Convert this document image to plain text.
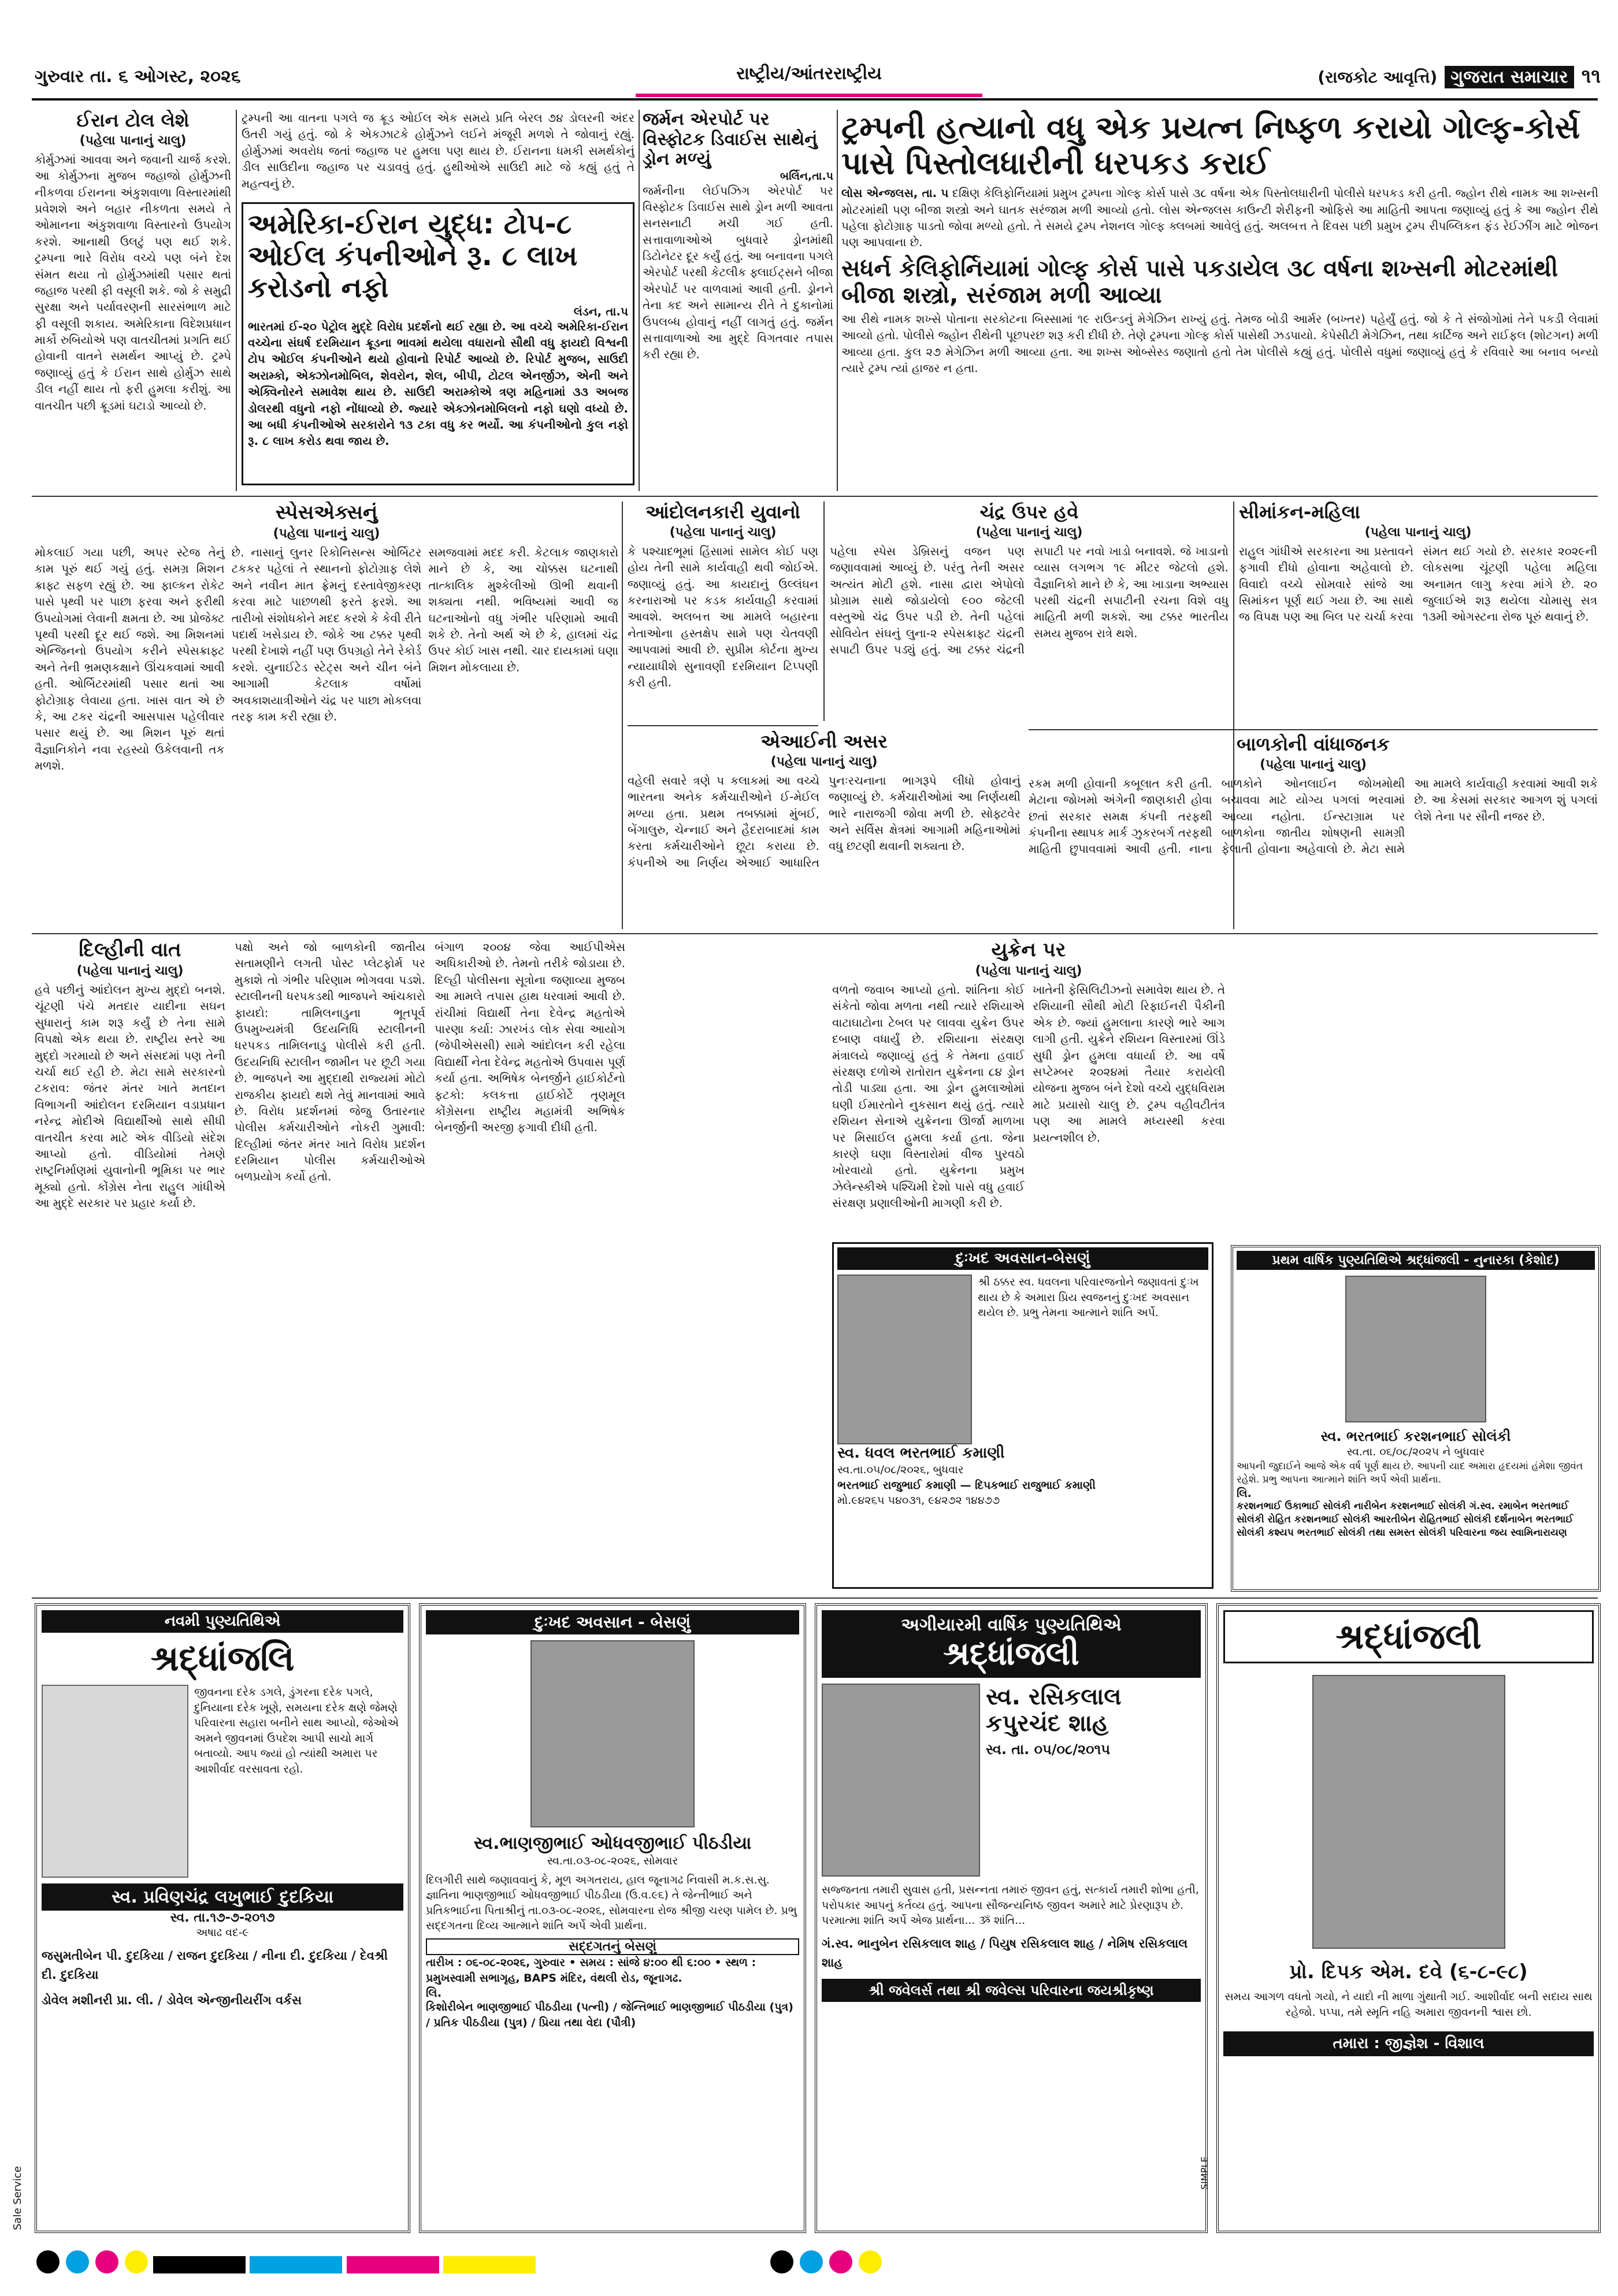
ગુરુવાર તા. ૬ ઓગસ્ટ, ૨૦૨૬	રાષ્ટ્રીય/આંતરરાષ્ટ્રીય	(રાજકોટ આવૃત્તિ) ગુજરાત સમાચાર ૧૧
ઈરાન ટોલ લેશે
(પહેલા પાનાનું ચાલુ)
કોર્મુઝમાં આવવા અને જવાની ચાર્જ કરશે. આ કોર્મુઝના મુજબ જહાજો હોર્મુઝની નીકળવા ઈરાનના અંકુશવાળા વિસ્તારમાંથી પ્રવેશશે અને બહાર નીકળતા સમયે તે ઓમાનના અંકુશવાળા વિસ્તારનો ઉપયોગ કરશે. આનાથી ઉલટું પણ થઈ શકે. ટ્રમ્પના ભારે વિરોધ વચ્ચે પણ બંને દેશ સંમત થયા તો હોર્મુઝમાંથી પસાર થતાં જહાજ પરથી ફી વસૂલી શકે. જો કે સમુદ્રી સુરક્ષા અને પર્યાવરણની સારસંભાળ માટે ફી વસૂલી શકાય. અમેરિકાના વિદેશપ્રધાન માર્કો રુબિયોએ પણ વાતચીતમાં પ્રગતિ થઈ હોવાની વાતને સમર્થન આપ્યું છે. ટ્રમ્પે જણાવ્યું હતું કે ઈરાન સાથે હોર્મુઝ સાથે ડીલ નહીં થાય તો ફરી હુમલા કરીશું. આ વાતચીત પછી ક્રૂડમાં ઘટાડો આવ્યો છે.
ટ્રમ્પની આ વાતના પગલે જ ક્રૂડ ઓઈલ એક સમયે પ્રતિ બેરલ ૭૪ ડોલરની અંદર ઉતરી ગયું હતું. જો કે એકઝાટકે હોર્મુઝને લઈને મંજૂરી મળશે તે જોવાનું રહ્યું. હોર્મુઝમાં અવરોધ જતાં જહાજ પર હુમલા પણ થાય છે. ઈરાનના ધમકી સમર્થકોનું ડીલ સાઉદીના જહાજ પર ચડાવવું હતું. હુથીઓએ સાઉદી માટે જે કહ્યું હતું તે મહત્વનું છે.
અમેરિકા-ઈરાન યુદ્ધ: ટોપ-૮ ઓઈલ કંપનીઓને રૂ. ૮ લાખ કરોડનો નફો
લંડન, તા.પ
ભારતમાં ઈ-૨૦ પેટ્રોલ મુદ્દે વિરોધ પ્રદર્શનો થઈ રહ્યા છે. આ વચ્ચે અમેરિકા-ઈરાન વચ્ચેના સંઘર્ષ દરમિયાન ક્રૂડના ભાવમાં થયેલા વધારાનો સૌથી વધુ ફાયદો વિશ્વની ટોપ ઓઈલ કંપનીઓને થયો હોવાનો રિપોર્ટ આવ્યો છે. રિપોર્ટ મુજબ, સાઉદી અરામ્કો, એક્ઝોનમોબિલ, શેવરોન, શેલ, બીપી, ટોટલ એનર્જીઝ, એની અને એક્વિનોરને સમાવેશ થાય છે. સાઉદી અરામ્કોએ ત્રણ મહિનામાં ૩૩ અબજ ડોલરથી વધુનો નફો નોંધાવ્યો છે. જ્યારે એક્ઝોનમોબિલનો નફો ઘણો વધ્યો છે. આ બધી કંપનીઓએ સરકારોને ૧૩ ટકા વધુ કર ભર્યો. આ કંપનીઓનો કુલ નફો રૂ. ૮ લાખ કરોડ થવા જાય છે.
જર્મન એરપોર્ટ પર વિસ્ફોટક ડિવાઈસ સાથેનું ડ્રોન મળ્યું
બર્લિન,તા.પ
જર્મનીના લેઈપઝિગ એરપોર્ટ પર વિસ્ફોટક ડિવાઈસ સાથે ડ્રોન મળી આવતા સનસનાટી મચી ગઈ હતી. સત્તાવાળાઓએ બુધવારે ડ્રોનમાંથી ડિટોનેટર દૂર કર્યું હતું. આ બનાવના પગલે એરપોર્ટ પરથી કેટલીક ફ્લાઈટ્સને બીજા એરપોર્ટ પર વાળવામાં આવી હતી. ડ્રોનને તેના કદ અને સામાન્ય રીતે તે દુકાનોમાં ઉપલબ્ધ હોવાનું નહીં લાગતું હતું. જર્મન સત્તાવાળાઓ આ મુદ્દે વિગતવાર તપાસ કરી રહ્યા છે.
ટ્રમ્પની હત્યાનો વધુ એક પ્રયત્ન નિષ્ફળ કરાયો ગોલ્ફ-કોર્સ પાસે પિસ્તોલધારીની ધરપકડ કરાઈ
લોસ એન્જલસ, તા. પ દક્ષિણ કેલિફોર્નિયામાં પ્રમુખ ટ્રમ્પના ગોલ્ફ કોર્સ પાસે ૩૮ વર્ષના એક પિસ્તોલધારીની પોલીસે ધરપકડ કરી હતી. જ્હોન રીથે નામક આ શખ્સની મોટરમાંથી પણ બીજા શસ્ત્રો અને ઘાતક સરંજામ મળી આવ્યો હતો. લોસ એન્જલસ કાઉન્ટી શેરીફની ઓફિસે આ માહિતી આપતા જણાવ્યું હતું કે આ જ્હોન રીથે પહેલા ફોટોગ્રાફ પાડતો જોવા મળ્યો હતો. તે સમયે ટ્રમ્પ નેશનલ ગોલ્ફ ક્લબમાં આવેલું હતું. અલબત્ત તે દિવસ પછી પ્રમુખ ટ્રમ્પ રીપબ્લિકન ફંડ રેઈઝીંગ માટે ભોજન પણ આપવાના છે.
સધર્ન કેલિફોર્નિયામાં ગોલ્ફ કોર્સ પાસે પકડાયેલ ૩૮ વર્ષના શખ્સની મોટરમાંથી બીજા શસ્ત્રો, સરંજામ મળી આવ્યા
આ રીથે નામક શખ્સે પોતાના સરકોટના બિસ્સામાં ૧૯ રાઉન્ડનું મેગેઝિન રાખ્યું હતું. તેમજ બોડી આર્મર (બખ્તર) પહેર્યું હતું. જો કે તે સંજોગોમાં તેને પકડી લેવામાં આવ્યો હતો. પોલીસે જ્હોન રીથેની પૂછપરછ શરૂ કરી દીધી છે. તેણે ટ્રમ્પના ગોલ્ફ કોર્સ પાસેથી ઝડપાયો. કેપેસીટી મેગેઝિન, તથા કાર્ટિજ અને રાઈફલ (શોટગન) મળી આવ્યા હતા. કુલ ૨૭ મેગેઝિન મળી આવ્યા હતા. આ શખ્સ ઓબ્સેસ્ડ જણાતો હતો તેમ પોલીસે કહ્યું હતું. પોલીસે વધુમાં જણાવ્યું હતું કે રવિવારે આ બનાવ બન્યો ત્યારે ટ્રમ્પ ત્યાં હાજર ન હતા.
સ્પેસએક્સનું
(પહેલા પાનાનું ચાલુ)
મોકલાઈ ગયા પછી, અપર સ્ટેજ તેનું કામ પૂરું થઈ ગયું હતું. સમગ્ર મિશન ક્રાફ્ટ સફળ રહ્યું છે. આ ફાલ્કન રોકેટ પાસે પૃથ્વી પર પાછા ફરવા અને ફરીથી ઉપયોગમાં લેવાની ક્ષમતા છે. આ પ્રોજેક્ટ પૃથ્વી પરથી દૂર થઈ જશે. આ મિશનમાં એન્જિનનો ઉપયોગ કરીને સ્પેસક્રાફ્ટ અને તેની ભ્રમણકક્ષાને ઊંચકવામાં આવી હતી. ઓર્બિટરમાંથી પસાર થતાં આ ફોટોગ્રાફ લેવાયા હતા. ખાસ વાત એ છે કે, આ ટકર ચંદ્રની આસપાસ પહેલીવાર પસાર થયું છે. આ મિશન પૂરું થતાં વૈજ્ઞાનિકોને નવા રહસ્યો ઉકેલવાની તક મળશે.
છે. નાસાનું લુનર રિકોનિસન્સ ઓર્બિટર ટકકર પહેલાં તે સ્થાનનો ફોટોગ્રાફ લેશે અને નવીન માત ફ્રેમનું દસ્તાવેજીકરણ કરવા માટે પાછળથી ફરતે ફરશે. આ તારીખો સંશોધકોને મદદ કરશે કે કેવી રીતે પદાર્થ ખસેડાય છે. જોકે આ ટક્કર પૃથ્વી પરથી દેખાશે નહીં પણ ઉપગ્રહો તેને રેકોર્ડ કરશે. યુનાઈટેડ સ્ટેટ્સ અને ચીન બંને આગામી કેટલાક વર્ષોમાં અવકાશયાત્રીઓને ચંદ્ર પર પાછા મોકલવા તરફ કામ કરી રહ્યા છે.
સમજવામાં મદદ કરી. કેટલાક જાણકારો માને છે કે, આ ચોક્કસ ઘટનાથી તાત્કાલિક મુશ્કેલીઓ ઊભી થવાની શક્યતા નથી. ભવિષ્યમાં આવી જ ઘટનાઓનો વધુ ગંભીર પરિણામો આવી શકે છે. તેનો અર્થ એ છે કે, હાલમાં ચંદ્ર ઉપર કોઈ ખાસ નથી. ચાર દાયકામાં ઘણા મિશન મોકલાયા છે.
આંદોલનકારી યુવાનો
(પહેલા પાનાનું ચાલુ)
કે પશ્ચાદભૂમાં હિંસામાં સામેલ કોઈ પણ હોય તેની સામે કાર્યવાહી થવી જોઈએ. જણાવ્યું હતું. આ કાયદાનું ઉલ્લંઘન કરનારાઓ પર કડક કાર્યવાહી કરવામાં આવશે. અલબત્ત આ મામલે બહારના નેતાઓના હસ્તક્ષેપ સામે પણ ચેતવણી આપવામાં આવી છે. સુપ્રીમ કોર્ટના મુખ્ય ન્યાયાધીશે સુનાવણી દરમિયાન ટિપ્પણી કરી હતી.
એઆઈની અસર
(પહેલા પાનાનું ચાલુ)
વહેલી સવારે ત્રણે પ કલાકમાં આ વચ્ચે ભારતના અનેક કર્મચારીઓને ઈ-મેઈલ મળ્યા હતા. પ્રથમ તબક્કામાં મુંબઈ, બેંગાલુરુ, ચેન્નાઈ અને હૈદરાબાદમાં કામ કરતા કર્મચારીઓને છૂટા કરાયા છે. કંપનીએ આ નિર્ણય એઆઈ આધારિત પુનઃરચનાના ભાગરૂપે લીધો હોવાનું જણાવ્યું છે. કર્મચારીઓમાં આ નિર્ણયથી ભારે નારાજગી જોવા મળી છે. સોફ્ટવેર અને સર્વિસ ક્ષેત્રમાં આગામી મહિનાઓમાં વધુ છટણી થવાની શક્યતા છે.
ચંદ્ર ઉપર હવે
(પહેલા પાનાનું ચાલુ)
પહેલા સ્પેસ ડેબ્રિસનું વજન પણ જણાવવામાં આવ્યું છે. પરંતુ તેની અસર અત્યંત મોટી હશે. નાસા દ્વારા એપોલો પ્રોગ્રામ સાથે જોડાયેલો ૯૦૦ જેટલી વસ્તુઓ ચંદ્ર ઉપર પડી છે. તેની પહેલાં સોવિયેત સંઘનું લુના-૨ સ્પેસક્રાફ્ટ ચંદ્રની સપાટી ઉપર પડ્યું હતું. આ ટક્કર ચંદ્રની સપાટી પર નવો ખાડો બનાવશે. જે ખાડાનો વ્યાસ લગભગ ૧૯ મીટર જેટલો હશે. વૈજ્ઞાનિકો માને છે કે, આ ખાડાના અભ્યાસ પરથી ચંદ્રની સપાટીની રચના વિશે વધુ માહિતી મળી શકશે. આ ટક્કર ભારતીય સમય મુજબ રાત્રે થશે.
સીમાંકન-મહિલા
(પહેલા પાનાનું ચાલુ)
રાહુલ ગાંધીએ સરકારના આ પ્રસ્તાવને ફગાવી દીધો હોવાના અહેવાલો છે. વિવાદો વચ્ચે સોમવારે સાંજે આ સિમાંકન પૂર્ણ થઈ ગયા છે. આ સાથે જ વિપક્ષ પણ આ બિલ પર ચર્ચા કરવા સંમત થઈ ગયો છે. સરકાર ૨૦૨૯ની લોકસભા ચૂંટણી પહેલા મહિલા અનામત લાગુ કરવા માંગે છે. ૨૦ જુલાઈએ શરૂ થયેલા ચોમાસુ સત્ર ૧૩મી ઓગસ્ટના રોજ પૂરું થવાનું છે.
બાળકોની વાંધાજનક
(પહેલા પાનાનું ચાલુ)
રકમ મળી હોવાની કબૂલાત કરી હતી. મેટાના જોખમો અંગેની જાણકારી હોવા છતાં સરકાર સમક્ષ કંપની તરફથી કંપનીના સ્થાપક માર્ક ઝુકરબર્ગ તરફથી માહિતી છુપાવવામાં આવી હતી. નાના બાળકોને ઓનલાઈન જોખમોથી બચાવવા માટે યોગ્ય પગલાં ભરવામાં આવ્યા નહોતા. ઈન્સ્ટાગ્રામ પર બાળકોના જાતીય શોષણની સામગ્રી ફેલાતી હોવાના અહેવાલો છે. મેટા સામે આ મામલે કાર્યવાહી કરવામાં આવી શકે છે. આ કેસમાં સરકાર આગળ શું પગલાં લેશે તેના પર સૌની નજર છે.
દિલ્હીની વાત
(પહેલા પાનાનું ચાલુ)
હવે પછીનું આંદોલન મુખ્ય મુદ્દો બનશે. ચૂંટણી પંચે મતદાર યાદીના સઘન સુધારાનું કામ શરૂ કર્યું છે તેના સામે વિપક્ષો એક થયા છે. રાષ્ટ્રીય સ્તરે આ મુદ્દો ગરમાયો છે અને સંસદમાં પણ તેની ચર્ચા થઈ રહી છે. મેટા સામે સરકારનો ટકરાવ: જંતર મંતર ખાતે મતદાન વિભાગની આંદોલન દરમિયાન વડાપ્રધાન નરેન્દ્ર મોદીએ વિદ્યાર્થીઓ સાથે સીધી વાતચીત કરવા માટે એક વીડિયો સંદેશ આપ્યો હતો. વીડિયોમાં તેમણે રાષ્ટ્રનિર્માણમાં યુવાનોની ભૂમિકા પર ભાર મૂક્યો હતો. કોંગ્રેસ નેતા રાહુલ ગાંધીએ આ મુદ્દે સરકાર પર પ્રહાર કર્યા છે.
પક્ષો અને જો બાળકોની જાતીય સતામણીને લગતી પોસ્ટ પ્લેટફોર્મ પર મુકાશે તો ગંભીર પરિણામ ભોગવવા પડશે. સ્ટાલીનની ધરપકડથી ભાજપને આંચકારો ફાયદો: તામિલનાડુના ભૂતપૂર્વ ઉપમુખ્યમંત્રી ઉદયનિધિ સ્ટાલીનની ધરપકડ તામિલનાડુ પોલીસે કરી હતી. ઉદયનિધિ સ્ટાલીન જામીન પર છૂટી ગયા છે. ભાજપને આ મુદ્દાથી રાજ્યમાં મોટો રાજકીય ફાયદો થશે તેવું માનવામાં આવે છે. વિરોધ પ્રદર્શનમાં જેજુ ઉતારનાર પોલીસ કર્મચારીઓને નોકરી ગુમાવી: દિલ્હીમાં જંતર મંતર ખાતે વિરોધ પ્રદર્શન દરમિયાન પોલીસ કર્મચારીઓએ બળપ્રયોગ કર્યો હતો.
બંગાળ ૨૦૦૪ જેવા આઈપીએસ અધિકારીઓ છે. તેમનો તરીકે જોડાયા છે. દિલ્હી પોલીસના સૂત્રોના જણાવ્યા મુજબ આ મામલે તપાસ હાથ ધરવામાં આવી છે. રાંચીમાં વિદ્યાર્થી તેના દેવેન્દ્ર મહતોએ પારણા કર્યા: ઝારખંડ લોક સેવા આયોગ (જેપીએસસી) સામે આંદોલન કરી રહેલા વિદ્યાર્થી નેતા દેવેન્દ્ર મહતોએ ઉપવાસ પૂર્ણ કર્યા હતા. અભિષેક બેનર્જીને હાઈકોર્ટનો ફટકો: કલકત્તા હાઈકોર્ટે તૃણમૂલ કોંગ્રેસના રાષ્ટ્રીય મહામંત્રી અભિષેક બેનર્જીની અરજી ફગાવી દીધી હતી.
યુક્રેન પર
(પહેલા પાનાનું ચાલુ)
વળતો જવાબ આપ્યો હતો. શાંતિના કોઈ સંકેતો જોવા મળતા નથી ત્યારે રશિયાએ વાટાઘાટોના ટેબલ પર લાવવા યુક્રેન ઉપર દબાણ વધાર્યું છે. રશિયાના સંરક્ષણ મંત્રાલયે જણાવ્યું હતું કે તેમના હવાઈ સંરક્ષણ દળોએ રાતોરાત યુક્રેનના ૮૪ ડ્રોન તોડી પાડ્યા હતા. આ ડ્રોન હુમલાઓમાં ઘણી ઈમારતોને નુકસાન થયું હતું. ત્યારે રશિયન સેનાએ યુક્રેનના ઊર્જા માળખા પર મિસાઈલ હુમલા કર્યા હતા. જેના કારણે ઘણા વિસ્તારોમાં વીજ પુરવઠો ખોરવાયો હતો. યુક્રેનના પ્રમુખ ઝેલેન્સ્કીએ પશ્ચિમી દેશો પાસે વધુ હવાઈ સંરક્ષણ પ્રણાલીઓની માગણી કરી છે.
ખાતેની ફેસિલિટીઝનો સમાવેશ થાય છે. તે રશિયાની સૌથી મોટી રિફાઈનરી પૈકીની એક છે. જ્યાં હુમલાના કારણે ભારે આગ લાગી હતી. યુક્રેને રશિયન વિસ્તારમાં ઊંડે સુધી ડ્રોન હુમલા વધાર્યા છે. આ વર્ષે સપ્ટેમ્બર ૨૦૨૪માં તૈયાર કરાયેલી યોજના મુજબ બંને દેશો વચ્ચે યુદ્ધવિરામ માટે પ્રયાસો ચાલુ છે. ટ્રમ્પ વહીવટીતંત્ર પણ આ મામલે મધ્યસ્થી કરવા પ્રયત્નશીલ છે.
દુઃખદ અવસાન-બેસણું
શ્રી ઠક્કર સ્વ. ધવલના પરિવારજનોને જણાવતાં દુઃખ થાય છે કે અમારા પ્રિય સ્વજનનું દુઃખદ અવસાન થયેલ છે. પ્રભુ તેમના આત્માને શાંતિ અર્પે.
સ્વ. ધવલ ભરતભાઈ કમાણી
સ્વ.તા.૦૫/૦૮/૨૦૨૬, બુધવાર
ભરતભાઈ રાજુભાઈ કમાણી — દિપકભાઈ રાજુભાઈ કમાણી
મો.૯૪૨૬૫ ૫૪૦૩૧, ૯૪૨૭૨ ૧૪૪૭૭
પ્રથમ વાર્ષિક પુણ્યતિથિએ શ્રદ્ધાંજલી - નુનારકા (કેશોદ)
સ્વ. ભરતભાઈ કરશનભાઈ સોલંકી
સ્વ.તા. ૦૬/૦૮/૨૦૨૫ ને બુધવાર
આપની જુદાઈને આજે એક વર્ષ પૂર્ણ થાય છે. આપની યાદ અમારા હૃદયમાં હંમેશા જીવંત રહેશે. પ્રભુ આપના આત્માને શાંતિ અર્પે એવી પ્રાર્થના.
લિ.
કરશનભાઈ ઉકાભાઈ સોલંકી નારીબેન કરશનભાઈ સોલંકી ગં.સ્વ. રમાબેન ભરતભાઈ સોલંકી રોહિત કરશનભાઈ સોલંકી આરતીબેન રોહિતભાઈ સોલંકી દર્શનાબેન ભરતભાઈ સોલંકી કશ્યપ ભરતભાઈ સોલંકી તથા સમસ્ત સોલંકી પરિવારના જય સ્વામિનારાયણ
નવમી પુણ્યતિથિએ
શ્રદ્ધાંજલિ
જીવનના દરેક ડગલે, ડુંગરના દરેક પગલે, દુનિયાના દરેક ખૂણે, સમયના દરેક ક્ષણે જેમણે પરિવારના સહારા બનીને સાથ આપ્યો, જેઓએ અમને જીવનમાં ઉપદેશ આપી સાચો માર્ગ બતાવ્યો. આપ જ્યાં હો ત્યાંથી અમારા પર આશીર્વાદ વરસાવતા રહો.
સ્વ. પ્રવિણચંદ્ર લખુભાઈ દુદકિયા
સ્વ. તા.૧૭-૭-૨૦૧૭
અષાઢ વદ-૯
જસુમતીબેન પી. દુદકિયા / રાજન દુદકિયા / નીના દી. દુદકિયા / દેવશ્રી દી. દુદકિયા
ડોવેલ મશીનરી પ્રા. લી. / ડોવેલ એન્જીનીયરીંગ વર્કસ
દુઃખદ અવસાન - બેસણું
સ્વ.ભાણજીભાઈ ઓધવજીભાઈ પીઠડીયા
સ્વ.તા.૦૩-૦૮-૨૦૨૬, સોમવાર
દિલગીરી સાથે જણાવવાનું કે, મૂળ અગતરાય, હાલ જૂનાગઢ નિવાસી મ.ક.સ.સુ. જ્ઞાતિના ભાણજીભાઈ ઓધવજીભાઈ પીઠડીયા (ઉ.વ.૯૬) તે જેન્તીભાઈ અને પ્રતિકભાઈના પિતાશ્રીનું તા.૦૩-૦૮-૨૦૨૬, સોમવારના રોજ શ્રીજી ચરણ પામેલ છે. પ્રભુ સદ્દગતના દિવ્ય આત્માને શાંતિ અર્પે એવી પ્રાર્થના.
સદ્દગતનું બેસણું
તારીખ : ૦૬-૦૮-૨૦૨૬, ગુરુવાર • સમય : સાંજે ૪:૦૦ થી ૬:૦૦ • સ્થળ : પ્રમુખસ્વામી સભાગૃહ, BAPS મંદિર, વંથલી રોડ, જૂનાગઢ.
લિ.
કિશોરીબેન ભાણજીભાઈ પીઠડીયા (પત્ની) / જેન્તિભાઈ ભાણજીભાઈ પીઠડીયા (પુત્ર) / પ્રતિક પીઠડીયા (પુત્ર) / પ્રિયા તથા વેદા (પૌત્રી)
અગીયારમી વાર્ષિક પુણ્યતિથિએ
શ્રદ્ધાંજલી
સ્વ. રસિકલાલ કપુરચંદ શાહ
સ્વ. તા. ૦૫/૦૮/૨૦૧૫
સજ્જનતા તમારી સુવાસ હતી, પ્રસન્નતા તમારું જીવન હતું, સત્કાર્ય તમારી શોભા હતી, પરોપકાર આપનું કર્તવ્ય હતું. આપના સૌજન્યનિષ્ઠ જીવન અમારે માટે પ્રેરણારૂપ છે. પરમાત્મા શાંતિ અર્પે એજ પ્રાર્થના... ૐ શાંતિ...
ગં.સ્વ. ભાનુબેન રસિકલાલ શાહ / પિયુષ રસિકલાલ શાહ / નેમિષ રસિકલાલ શાહ
શ્રી જવેલર્સ તથા શ્રી જવેલ્સ પરિવારના જયશ્રીકૃષ્ણ
શ્રદ્ધાંજલી
પ્રો. દિપક એમ. દવે (૬-૮-૯૮)
સમય આગળ વધતો ગયો, ને યાદો ની માળા ગુંથાતી ગઈ. આશીર્વાદ બની સદાય સાથ રહેજો. પપ્પા, તમે સ્મૃતિ નહિ અમારા જીવનની શ્વાસ છો.
તમારા : જીજ્ઞેશ - વિશાલ

Sale Service	SIMPLE
